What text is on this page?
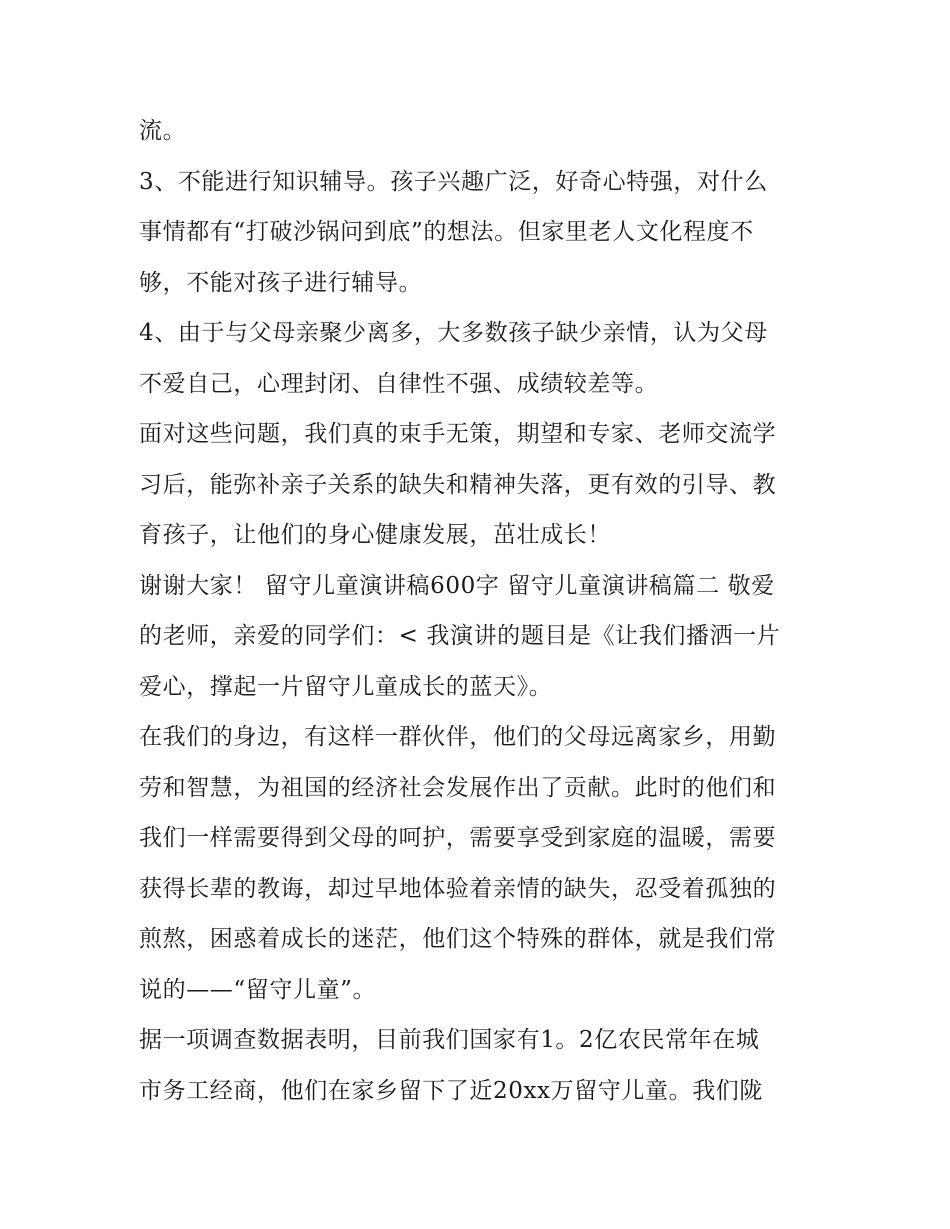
流。
3、不能进行知识辅导。孩子兴趣广泛，好奇心特强，对什么
事情都有“打破沙锅问到底”的想法。但家里老人文化程度不
够，不能对孩子进行辅导。
4、由于与父母亲聚少离多，大多数孩子缺少亲情，认为父母
不爱自己，心理封闭、自律性不强、成绩较差等。
面对这些问题，我们真的束手无策，期望和专家、老师交流学
习后，能弥补亲子关系的缺失和精神失落，更有效的引导、教
育孩子，让他们的身心健康发展，茁壮成长！
谢谢大家！ 留守儿童演讲稿600字 留守儿童演讲稿篇二 敬爱
的老师，亲爱的同学们：< 我演讲的题目是《让我们播洒一片
爱心，撑起一片留守儿童成长的蓝天》。
在我们的身边，有这样一群伙伴，他们的父母远离家乡，用勤
劳和智慧，为祖国的经济社会发展作出了贡献。此时的他们和
我们一样需要得到父母的呵护，需要享受到家庭的温暖，需要
获得长辈的教诲，却过早地体验着亲情的缺失，忍受着孤独的
煎熬，困惑着成长的迷茫，他们这个特殊的群体，就是我们常
说的——“留守儿童”。
据一项调查数据表明，目前我们国家有1。2亿农民常年在城
市务工经商，他们在家乡留下了近20xx万留守儿童。我们陇
